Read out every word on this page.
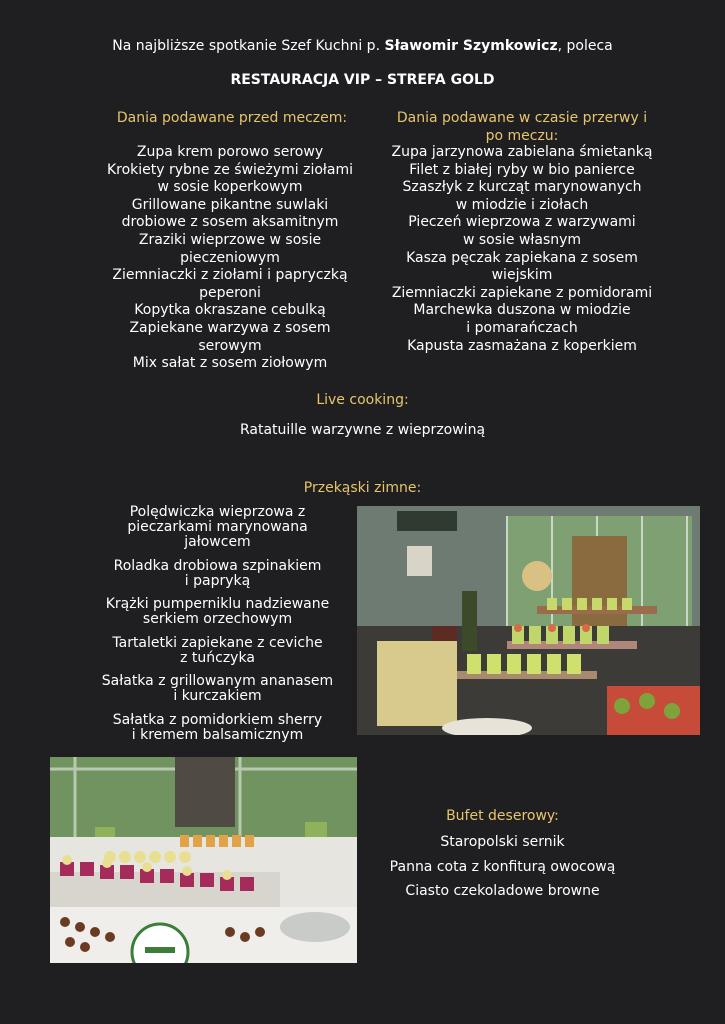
Na najbliższe spotkanie Szef Kuchni p. Sławomir Szymkowicz, poleca
RESTAURACJA VIP – STREFA GOLD
Dania podawane przed meczem:
Zupa krem porowo serowy
Krokiety rybne ze świeżymi ziołami
w sosie koperkowym
Grillowane pikantne suwlaki
drobiowe z sosem aksamitnym
Zraziki wieprzowe w sosie
pieczeniowym
Ziemniaczki z ziołami i papryczką
peperoni
Kopytka okraszane cebulką
Zapiekane warzywa z sosem
serowym
Mix sałat z sosem ziołowym
Dania podawane w czasie przerwy i
po meczu:
Zupa jarzynowa zabielana śmietanką
Filet z białej ryby w bio panierce
Szaszłyk z kurcząt marynowanych
w miodzie i ziołach
Pieczeń wieprzowa z warzywami
w sosie własnym
Kasza pęczak zapiekana z sosem
wiejskim
Ziemniaczki zapiekane z pomidorami
Marchewka duszona w miodzie
i pomarańczach
Kapusta zasmażana z koperkiem
Live cooking:
Ratatuille warzywne z wieprzowiną
Przekąski zimne:
Polędwiczka wieprzowa z
pieczarkami marynowana
jałowcem
Roladka drobiowa szpinakiem
i papryką
Krążki pumperniklu nadziewane
serkiem orzechowym
Tartaletki zapiekane z ceviche
z tuńczyka
Sałatka z grillowanym ananasem
i kurczakiem
Sałatka z pomidorkiem sherry
i kremem balsamicznym
Bufet deserowy:
Staropolski sernik
Panna cota z konfiturą owocową
Ciasto czekoladowe browne
